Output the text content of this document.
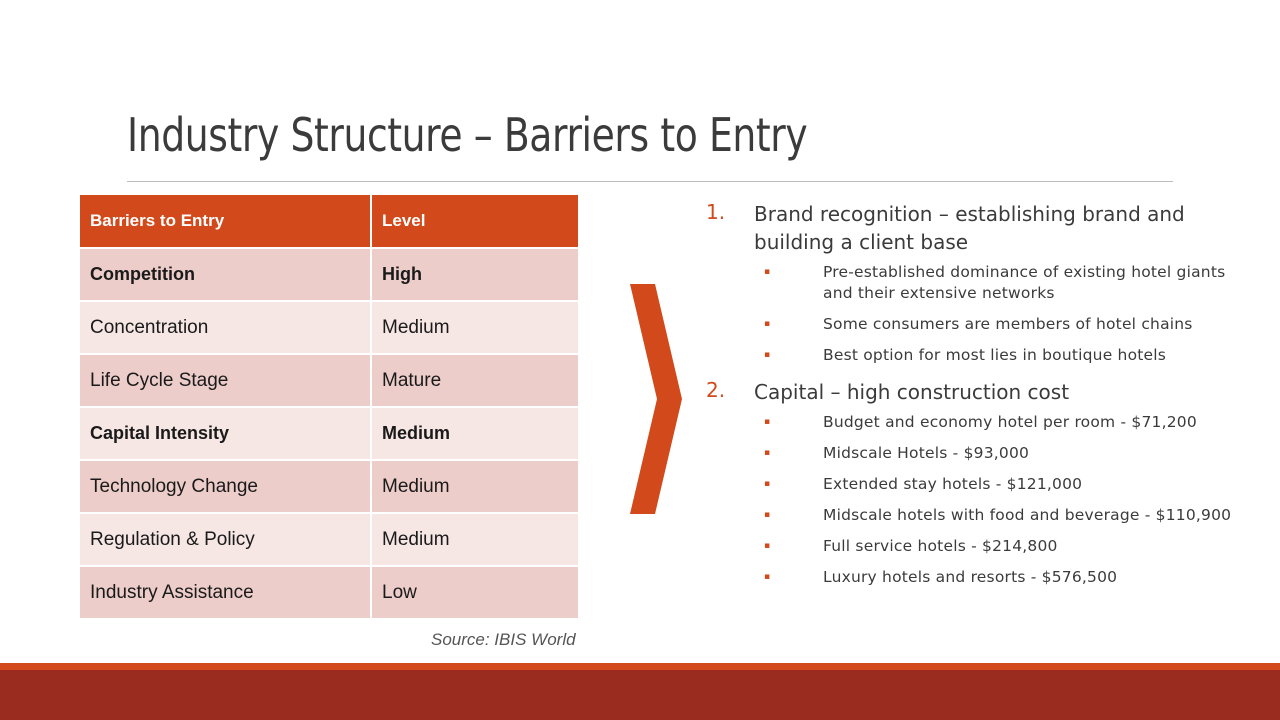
Industry Structure – Barriers to Entry
Barriers to Entry	Level
Competition	High
Concentration	Medium
Life Cycle Stage	Mature
Capital Intensity	Medium
Technology Change	Medium
Regulation & Policy	Medium
Industry Assistance	Low
Source: IBIS World
1.	Brand recognition – establishing brand and building a client base
▪	Pre-established dominance of existing hotel giants and their extensive networks
▪	Some consumers are members of hotel chains
▪	Best option for most lies in boutique hotels
2.	Capital – high construction cost
▪	Budget and economy hotel per room - $71,200
▪	Midscale Hotels - $93,000
▪	Extended stay hotels - $121,000
▪	Midscale hotels with food and beverage - $110,900
▪	Full service hotels - $214,800
▪	Luxury hotels and resorts - $576,500
